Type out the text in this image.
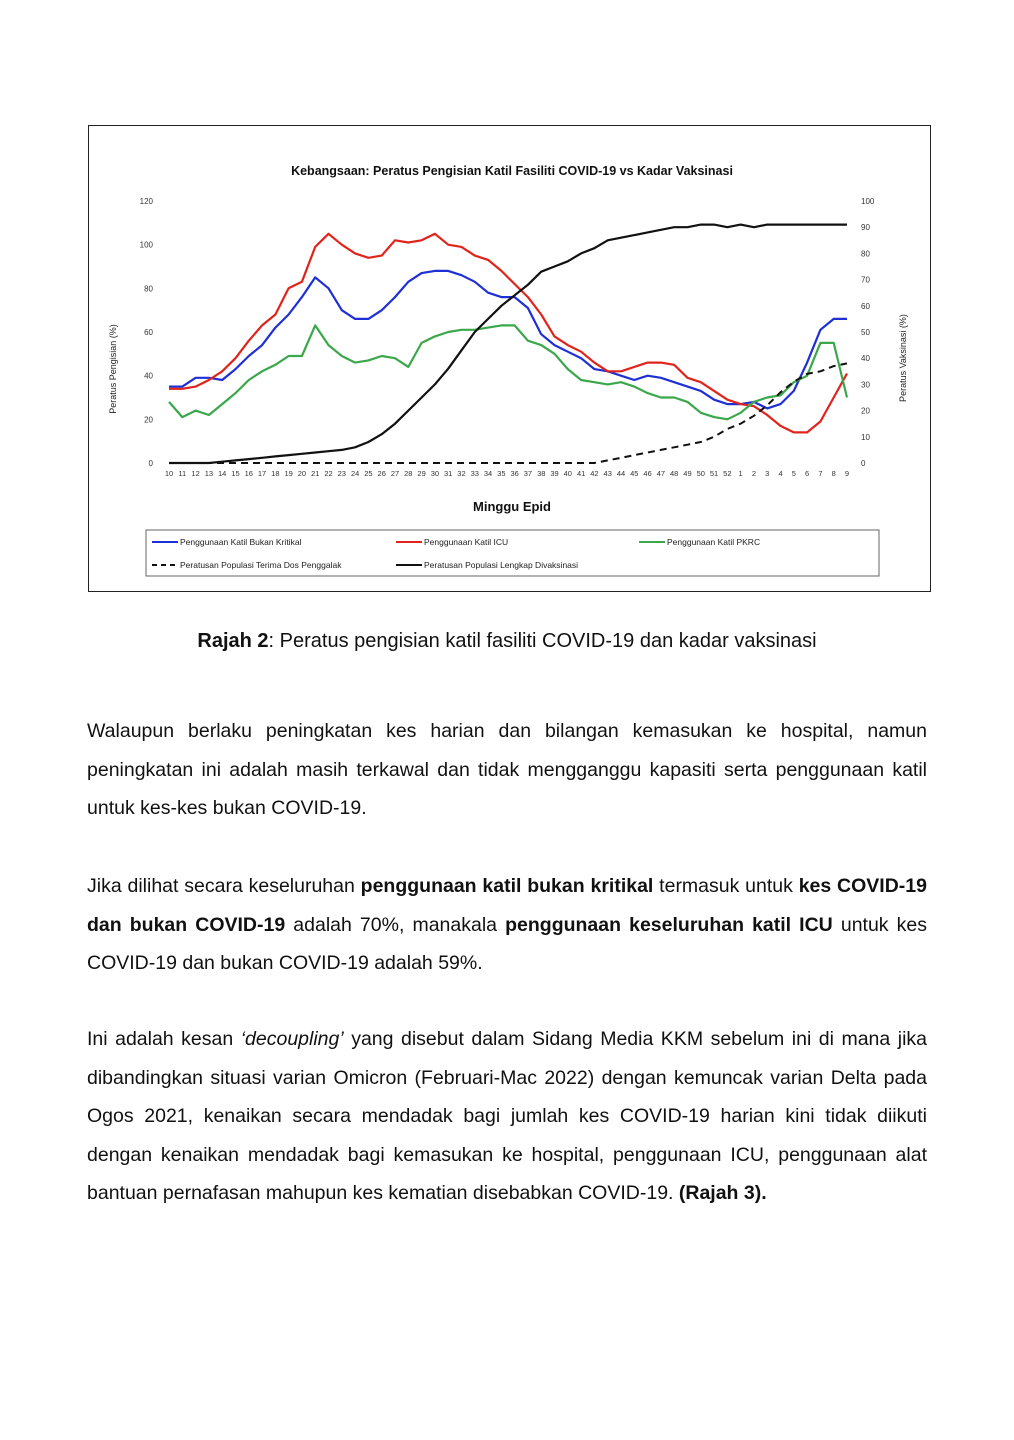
Kebangsaan: Peratus Pengisian Katil Fasiliti COVID-19 vs Kadar Vaksinasi
Peratus Pengisian (%)	Peratus Vaksinasi (%)
Minggu Epid
0
20
40
60
80
100
120
0
10
20
30
40
50
60
70
80
90
100
10 11 12 13 14 15 16 17 18 19 20 21 22 23 24 25 26 27 28 29 30 31 32 33 34 35 36 37 38 39 40 41 42 43 44 45 46 47 48 49 50 51 52 1 2 3 4 5 6 7 8 9
Penggunaan Katil Bukan Kritikal	Penggunaan Katil ICU	Penggunaan Katil PKRC
Peratusan Populasi Terima Dos Penggalak	Peratusan Populasi Lengkap Divaksinasi
Rajah 2: Peratus pengisian katil fasiliti COVID-19 dan kadar vaksinasi

Walaupun berlaku peningkatan kes harian dan bilangan kemasukan ke hospital, namun peningkatan ini adalah masih terkawal dan tidak mengganggu kapasiti serta penggunaan katil untuk kes-kes bukan COVID-19.

Jika dilihat secara keseluruhan penggunaan katil bukan kritikal termasuk untuk kes COVID-19 dan bukan COVID-19 adalah 70%, manakala penggunaan keseluruhan katil ICU untuk kes COVID-19 dan bukan COVID-19 adalah 59%.

Ini adalah kesan ‘decoupling’ yang disebut dalam Sidang Media KKM sebelum ini di mana jika dibandingkan situasi varian Omicron (Februari-Mac 2022) dengan kemuncak varian Delta pada Ogos 2021, kenaikan secara mendadak bagi jumlah kes COVID-19 harian kini tidak diikuti dengan kenaikan mendadak bagi kemasukan ke hospital, penggunaan ICU, penggunaan alat bantuan pernafasan mahupun kes kematian disebabkan COVID-19. (Rajah 3).
